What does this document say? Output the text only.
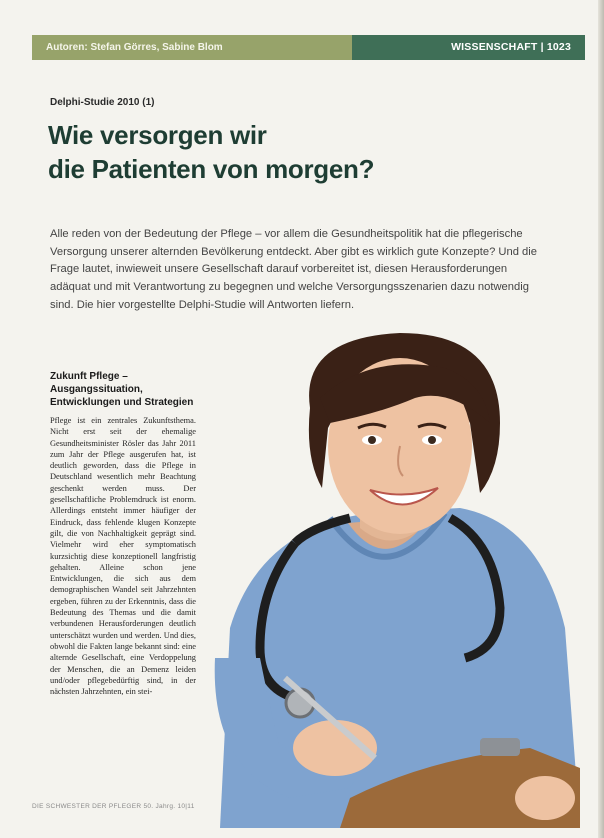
Autoren: Stefan Görres, Sabine Blom	WISSENSCHAFT | 1023
Delphi-Studie 2010 (1)
Wie versorgen wir
die Patienten von morgen?

Alle reden von der Bedeutung der Pflege – vor allem die Gesundheitspolitik hat die pflegerische Versorgung unserer alternden Bevölkerung entdeckt. Aber gibt es wirklich gute Konzepte? Und die Frage lautet, inwieweit unsere Gesellschaft darauf vorbereitet ist, diesen Herausforderungen adäquat und mit Verantwortung zu begegnen und welche Versorgungsszenarien dazu notwendig sind. Die hier vorgestellte Delphi-Studie will Antworten liefern.

Zukunft Pflege – Ausgangssituation, Entwicklungen und Strategien

Pflege ist ein zentrales Zukunftsthema. Nicht erst seit der ehemalige Gesundheitsminister Rösler das Jahr 2011 zum Jahr der Pflege ausgerufen hat, ist deutlich geworden, dass die Pflege in Deutschland wesentlich mehr Beachtung geschenkt werden muss. Der gesellschaftliche Problemdruck ist enorm. Allerdings entsteht immer häufiger der Eindruck, dass fehlende klugen Konzepte gilt, die von Nachhaltigkeit geprägt sind. Vielmehr wird eher symptomatisch kurzsichtig diese konzeptionell langfristig gehalten. Alleine schon jene Entwicklungen, die sich aus dem demographischen Wandel seit Jahrzehnten ergeben, führen zu der Erkenntnis, dass die Bedeutung des Themas und die damit verbundenen Herausforderungen deutlich unterschätzt wurden und werden. Und dies, obwohl die Fakten lange bekannt sind: eine alternde Gesellschaft, eine Verdoppelung der Menschen, die an Demenz leiden und/oder pflegebedürftig sind, in der nächsten Jahrzehnten, ein stei-

DIE SCHWESTER DER PFLEGER 50. Jahrg. 10|11
